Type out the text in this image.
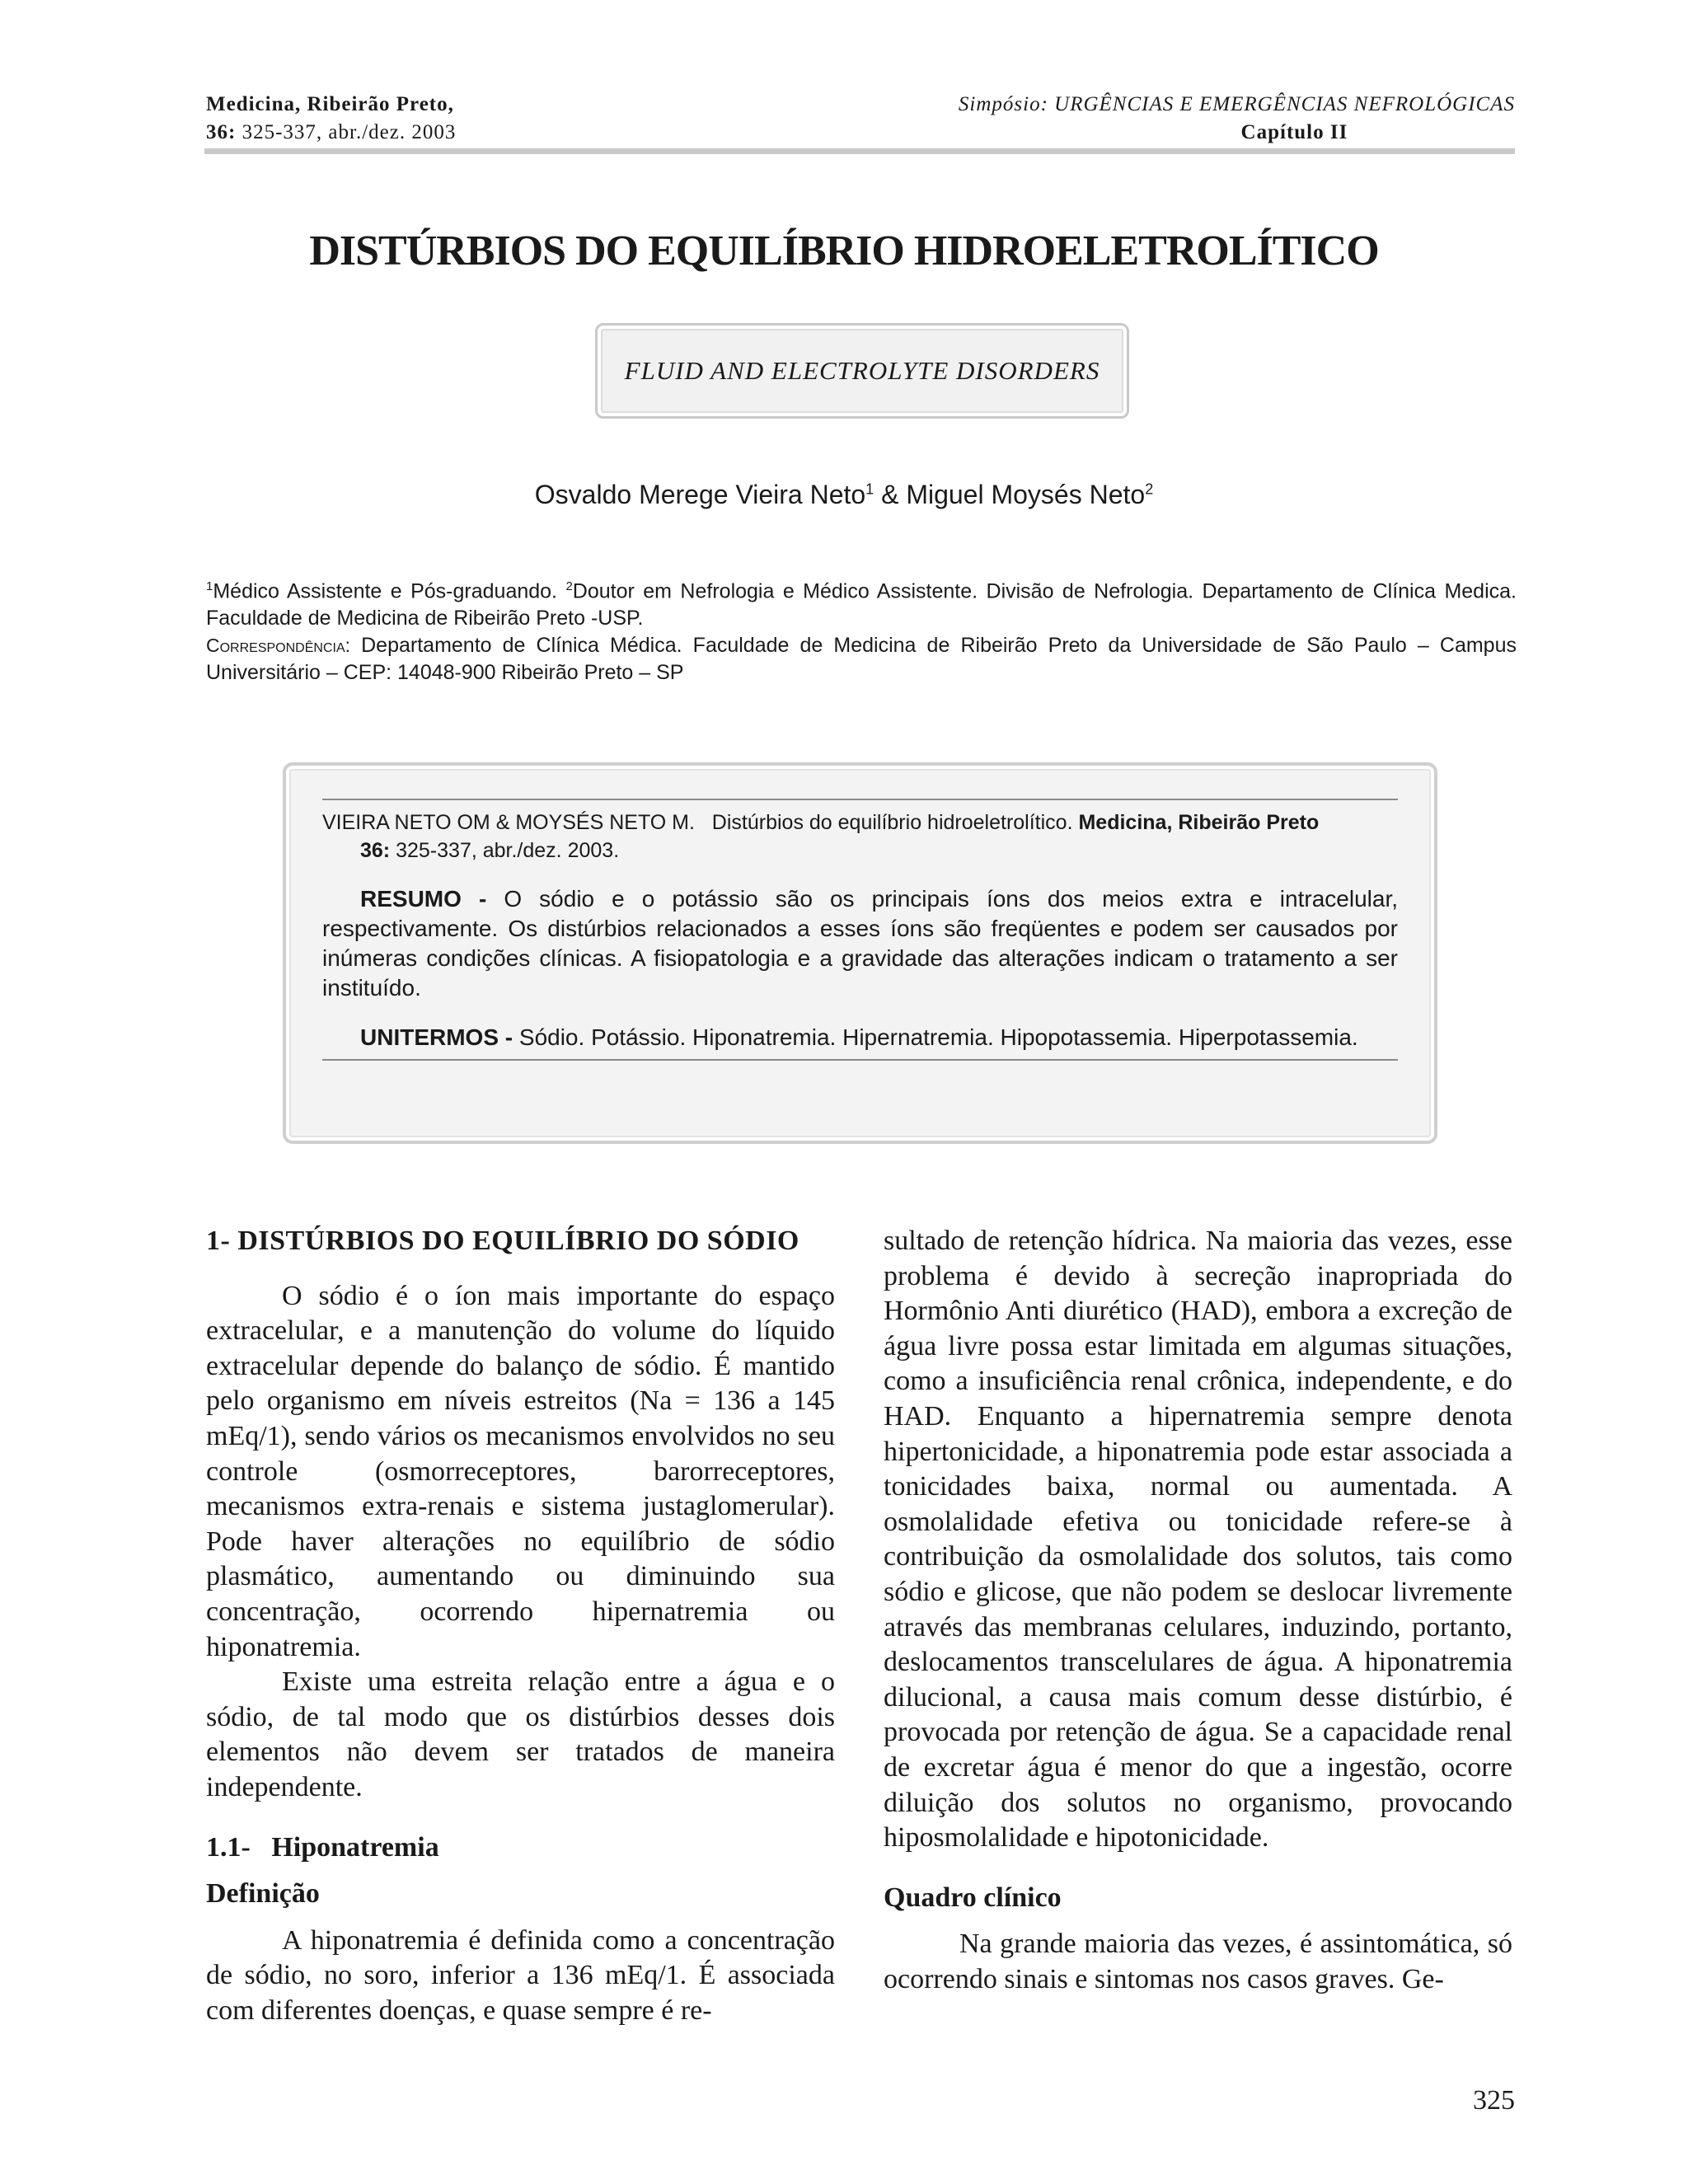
Medicina, Ribeirão Preto,
36: 325-337, abr./dez. 2003
Simpósio: URGÊNCIAS E EMERGÊNCIAS NEFROLÓGICAS
Capítulo II
DISTÚRBIOS DO EQUILÍBRIO HIDROELETROLÍTICO
FLUID AND ELECTROLYTE DISORDERS
Osvaldo Merege Vieira Neto$^1$ & Miguel Moysés Neto$^2$
$^1$Médico Assistente e Pós-graduando. $^2$Doutor em Nefrologia e Médico Assistente. Divisão de Nefrologia. Departamento de Clínica Medica. Faculdade de Medicina de Ribeirão Preto -USP.
Correspondência: Departamento de Clínica Médica. Faculdade de Medicina de Ribeirão Preto da Universidade de São Paulo – Campus Universitário – CEP: 14048-900 Ribeirão Preto – SP
VIEIRA NETO OM & MOYSÉS NETO M. Distúrbios do equilíbrio hidroeletrolítico. Medicina, Ribeirão Preto
36: 325-337, abr./dez. 2003.

RESUMO - O sódio e o potássio são os principais íons dos meios extra e intracelular, respectivamente. Os distúrbios relacionados a esses íons são freqüentes e podem ser causados por inúmeras condições clínicas. A fisiopatologia e a gravidade das alterações indicam o tratamento a ser instituído.

UNITERMOS - Sódio. Potássio. Hiponatremia. Hipernatremia. Hipopotassemia. Hiperpotassemia.

1- DISTÚRBIOS DO EQUILÍBRIO DO SÓDIO

O sódio é o íon mais importante do espaço extracelular, e a manutenção do volume do líquido extracelular depende do balanço de sódio. É mantido pelo organismo em níveis estreitos (Na = 136 a 145 mEq/1), sendo vários os mecanismos envolvidos no seu controle (osmorreceptores, barorreceptores, mecanismos extra-renais e sistema justaglomerular). Pode haver alterações no equilíbrio de sódio plasmático, aumentando ou diminuindo sua concentração, ocorrendo hipernatremia ou hiponatremia.

Existe uma estreita relação entre a água e o sódio, de tal modo que os distúrbios desses dois elementos não devem ser tratados de maneira independente.

1.1-   Hiponatremia

Definição

A hiponatremia é definida como a concentração de sódio, no soro, inferior a 136 mEq/1. É associada com diferentes doenças, e quase sempre é re-

sultado de retenção hídrica. Na maioria das vezes, esse problema é devido à secreção inapropriada do Hormônio Anti diurético (HAD), embora a excreção de água livre possa estar limitada em algumas situações, como a insuficiência renal crônica, independente, e do HAD. Enquanto a hipernatremia sempre denota hipertonicidade, a hiponatremia pode estar associada a tonicidades baixa, normal ou aumentada. A osmolalidade efetiva ou tonicidade refere-se à contribuição da osmolalidade dos solutos, tais como sódio e glicose, que não podem se deslocar livremente através das membranas celulares, induzindo, portanto, deslocamentos transcelulares de água. A hiponatremia dilucional, a causa mais comum desse distúrbio, é provocada por retenção de água. Se a capacidade renal de excretar água é menor do que a ingestão, ocorre diluição dos solutos no organismo, provocando hiposmolalidade e hipotonicidade.

Quadro clínico

Na grande maioria das vezes, é assintomática, só ocorrendo sinais e sintomas nos casos graves. Ge-

325
